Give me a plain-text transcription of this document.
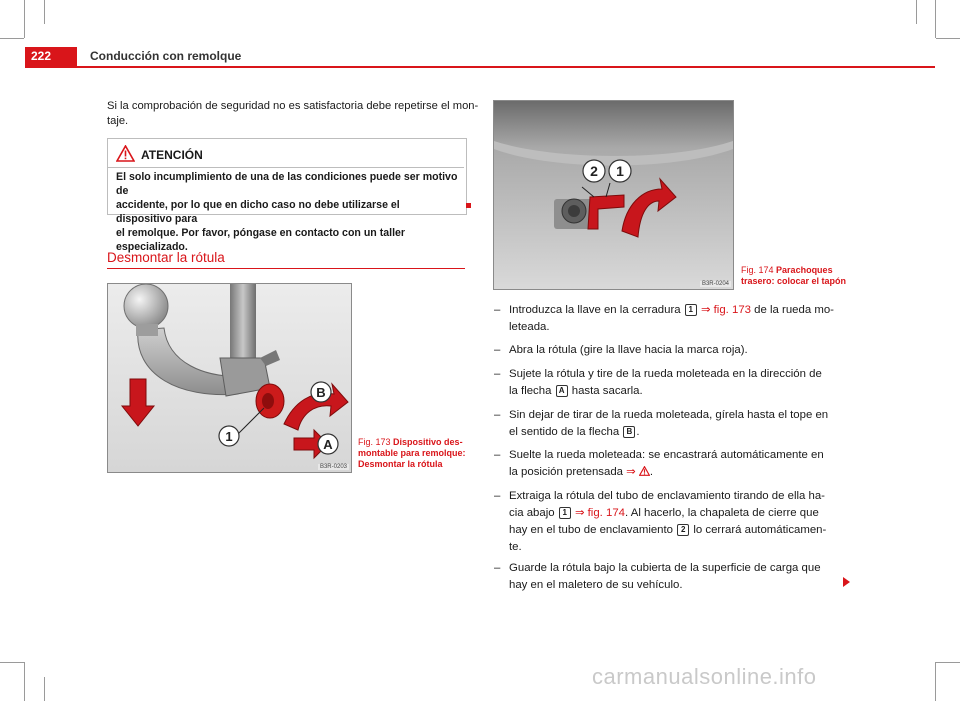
222	Conducción con remolque
Si la comprobación de seguridad no es satisfactoria debe repetirse el mon-
taje.
ATENCIÓN
El solo incumplimiento de una de las condiciones puede ser motivo de
accidente, por lo que en dicho caso no debe utilizarse el dispositivo para
el remolque. Por favor, póngase en contacto con un taller especializado.
Desmontar la rótula
1
B
A
B3R-0203
Fig. 173 Dispositivo des-
montable para remolque:
Desmontar la rótula
2 1
B3R-0204
Fig. 174 Parachoques
trasero: colocar el tapón
– Introduzca la llave en la cerradura 1 ⇒ fig. 173 de la rueda mo-
leteada.
– Abra la rótula (gire la llave hacia la marca roja).
– Sujete la rótula y tire de la rueda moleteada en la dirección de
la flecha A hasta sacarla.
– Sin dejar de tirar de la rueda moleteada, gírela hasta el tope en
el sentido de la flecha B .
– Suelte la rueda moleteada: se encastrará automáticamente en
la posición pretensada ⇒ .
– Extraiga la rótula del tubo de enclavamiento tirando de ella ha-
cia abajo 1 ⇒ fig. 174. Al hacerlo, la chapaleta de cierre que
hay en el tubo de enclavamiento 2 lo cerrará automáticamen-
te.
– Guarde la rótula bajo la cubierta de la superficie de carga que
hay en el maletero de su vehículo.
carmanualsonline.info
